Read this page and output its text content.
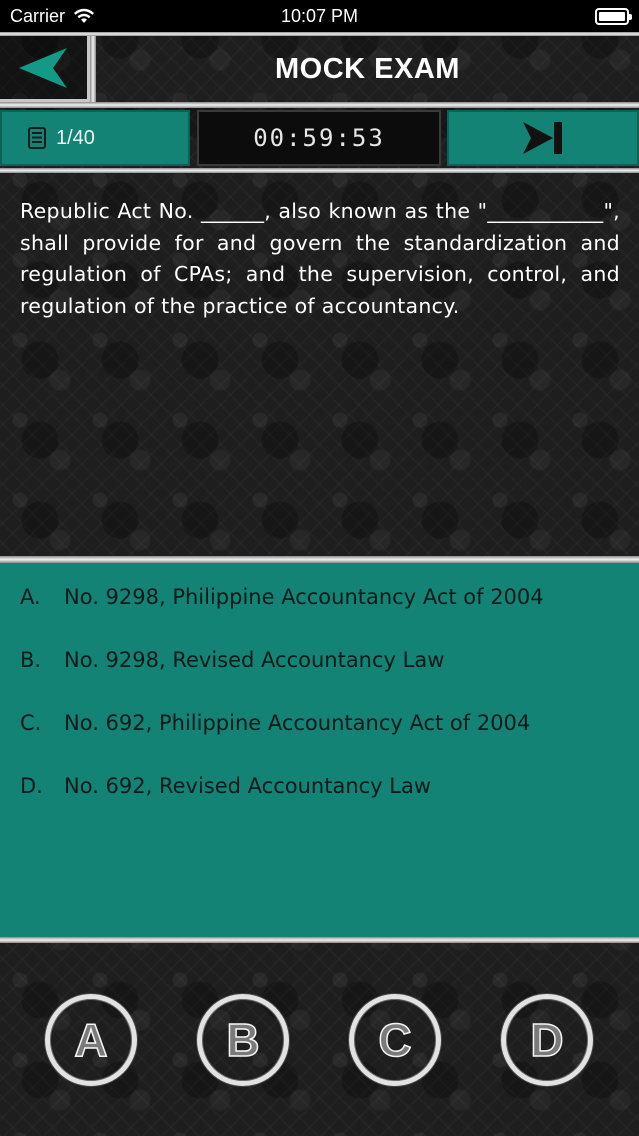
Carrier	10:07 PM
MOCK EXAM
1/40	00:59:53
Republic Act No. ______, also known as the "___________", shall provide for and govern the standardization and regulation of CPAs; and the supervision, control, and regulation of the practice of accountancy.
A.	No. 9298, Philippine Accountancy Act of 2004
B.	No. 9298, Revised Accountancy Law
C.	No. 692, Philippine Accountancy Act of 2004
D.	No. 692, Revised Accountancy Law
A	B	C	D
